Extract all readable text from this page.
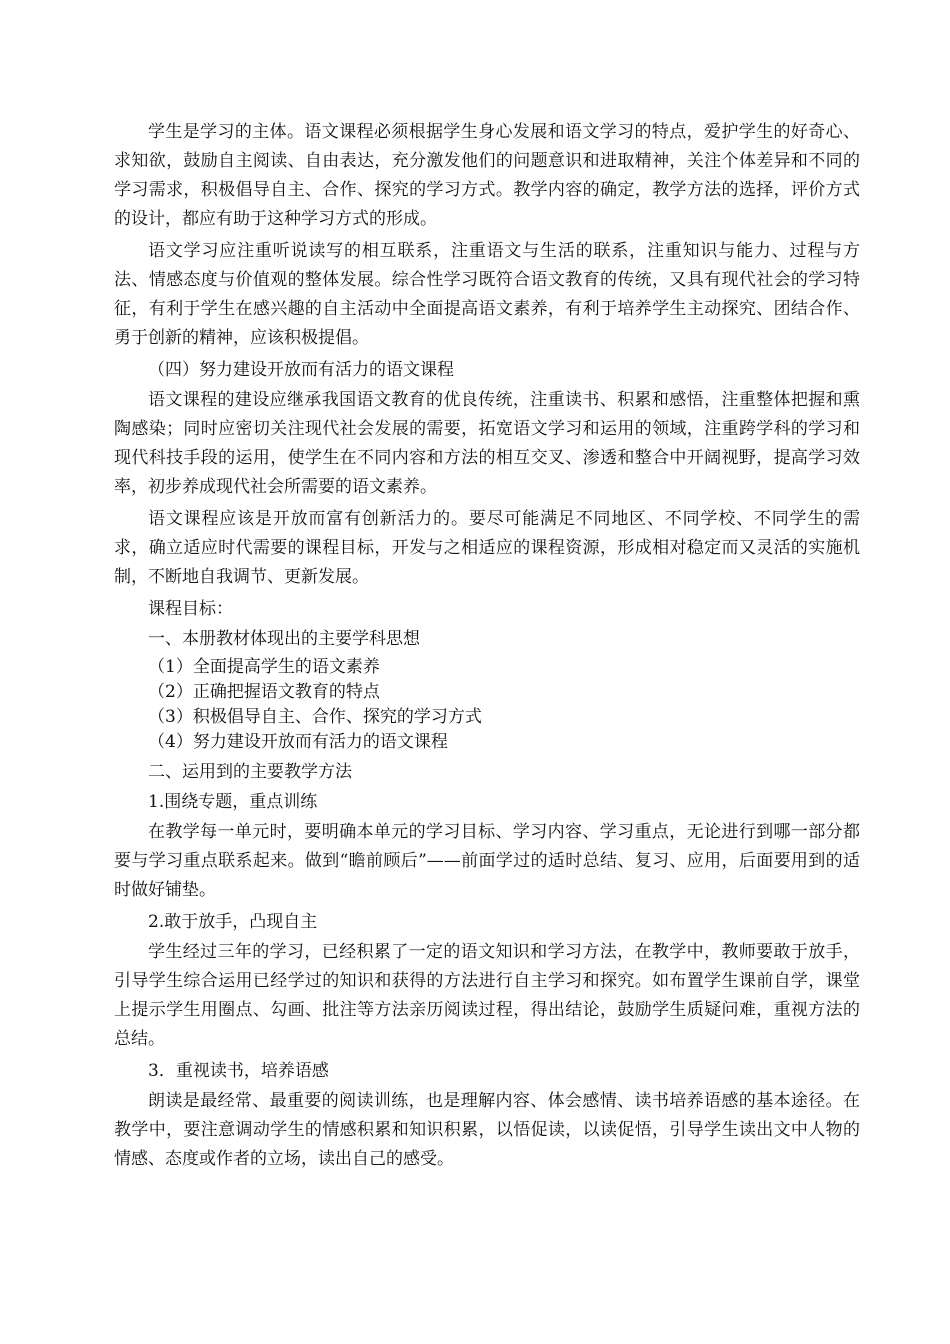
学生是学习的主体。语文课程必须根据学生身心发展和语文学习的特点，爱护学生的好奇心、求知欲，鼓励自主阅读、自由表达，充分激发他们的问题意识和进取精神，关注个体差异和不同的学习需求，积极倡导自主、合作、探究的学习方式。教学内容的确定，教学方法的选择，评价方式的设计，都应有助于这种学习方式的形成。

语文学习应注重听说读写的相互联系，注重语文与生活的联系，注重知识与能力、过程与方法、情感态度与价值观的整体发展。综合性学习既符合语文教育的传统，又具有现代社会的学习特征，有利于学生在感兴趣的自主活动中全面提高语文素养，有利于培养学生主动探究、团结合作、勇于创新的精神，应该积极提倡。

（四）努力建设开放而有活力的语文课程

语文课程的建设应继承我国语文教育的优良传统，注重读书、积累和感悟，注重整体把握和熏陶感染；同时应密切关注现代社会发展的需要，拓宽语文学习和运用的领域，注重跨学科的学习和现代科技手段的运用，使学生在不同内容和方法的相互交叉、渗透和整合中开阔视野，提高学习效率，初步养成现代社会所需要的语文素养。

语文课程应该是开放而富有创新活力的。要尽可能满足不同地区、不同学校、不同学生的需求，确立适应时代需要的课程目标，开发与之相适应的课程资源，形成相对稳定而又灵活的实施机制，不断地自我调节、更新发展。

课程目标：

一、本册教材体现出的主要学科思想

（1）全面提高学生的语文素养

（2）正确把握语文教育的特点

（3）积极倡导自主、合作、探究的学习方式

（4）努力建设开放而有活力的语文课程

二、运用到的主要教学方法

1.围绕专题，重点训练

在教学每一单元时，要明确本单元的学习目标、学习内容、学习重点，无论进行到哪一部分都要与学习重点联系起来。做到“瞻前顾后”——前面学过的适时总结、复习、应用，后面要用到的适时做好铺垫。

2.敢于放手，凸现自主

学生经过三年的学习，已经积累了一定的语文知识和学习方法，在教学中，教师要敢于放手，引导学生综合运用已经学过的知识和获得的方法进行自主学习和探究。如布置学生课前自学，课堂上提示学生用圈点、勾画、批注等方法亲历阅读过程，得出结论，鼓励学生质疑问难，重视方法的总结。

3．重视读书，培养语感

朗读是最经常、最重要的阅读训练，也是理解内容、体会感情、读书培养语感的基本途径。在教学中，要注意调动学生的情感积累和知识积累，以悟促读，以读促悟，引导学生读出文中人物的情感、态度或作者的立场，读出自己的感受。
